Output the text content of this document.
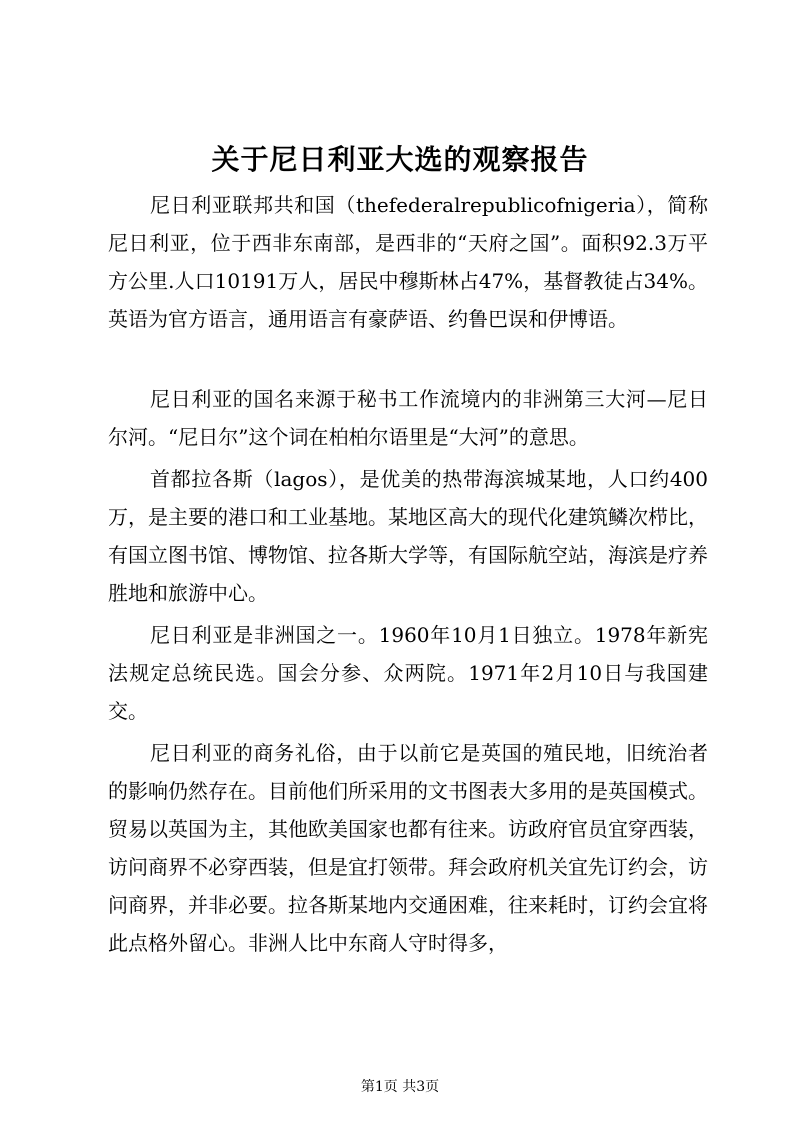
关于尼日利亚大选的观察报告

尼日利亚联邦共和国（thefederalrepublicofnigeria），简称尼日利亚，位于西非东南部，是西非的“天府之国”。面积92.3万平方公里.人口10191万人，居民中穆斯林占47%，基督教徒占34%。英语为官方语言，通用语言有豪萨语、约鲁巴误和伊博语。

尼日利亚的国名来源于秘书工作流境内的非洲第三大河—尼日尔河。“尼日尔”这个词在柏柏尔语里是“大河”的意思。

首都拉各斯（lagos），是优美的热带海滨城某地，人口约400万，是主要的港口和工业基地。某地区高大的现代化建筑鳞次栉比，有国立图书馆、博物馆、拉各斯大学等，有国际航空站，海滨是疗养胜地和旅游中心。

尼日利亚是非洲国之一。1960年10月1日独立。1978年新宪法规定总统民选。国会分参、众两院。1971年2月10日与我国建交。

尼日利亚的商务礼俗，由于以前它是英国的殖民地，旧统治者的影响仍然存在。目前他们所采用的文书图表大多用的是英国模式。贸易以英国为主，其他欧美国家也都有往来。访政府官员宜穿西装，访问商界不必穿西装，但是宜打领带。拜会政府机关宜先订约会，访问商界，并非必要。拉各斯某地内交通困难，往来耗时，订约会宜将此点格外留心。非洲人比中东商人守时得多，

第1页 共3页
